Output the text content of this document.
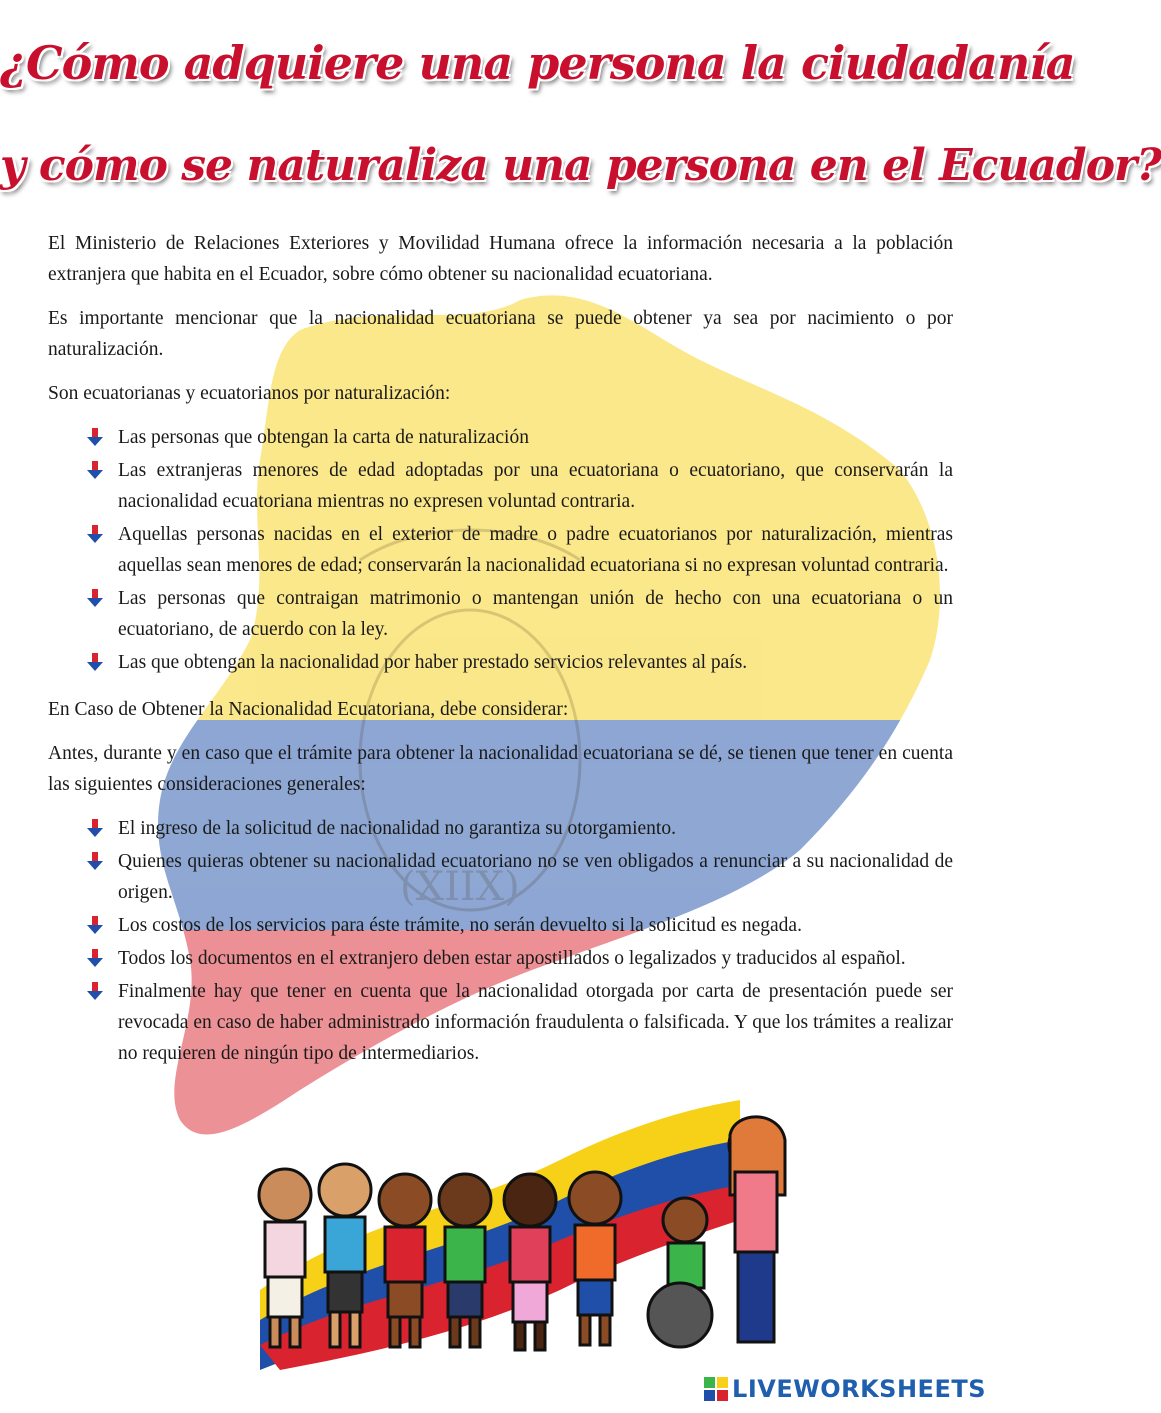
(XIIX)
¿Cómo adquiere una persona la ciudadanía
y cómo se naturaliza una persona en el Ecuador?

El Ministerio de Relaciones Exteriores y Movilidad Humana ofrece la información necesaria a la población extranjera que habita en el Ecuador, sobre cómo obtener su nacionalidad ecuatoriana.

Es importante mencionar que la nacionalidad ecuatoriana se puede obtener ya sea por nacimiento o por naturalización.

Son ecuatorianas y ecuatorianos por naturalización:

Las personas que obtengan la carta de naturalización
Las extranjeras menores de edad adoptadas por una ecuatoriana o ecuatoriano, que conservarán la nacionalidad ecuatoriana mientras no expresen voluntad contraria.
Aquellas personas nacidas en el exterior de madre o padre ecuatorianos por naturalización, mientras aquellas sean menores de edad; conservarán la nacionalidad ecuatoriana si no expresan voluntad contraria.
Las personas que contraigan matrimonio o mantengan unión de hecho con una ecuatoriana o un ecuatoriano, de acuerdo con la ley.
Las que obtengan la nacionalidad por haber prestado servicios relevantes al país.

En Caso de Obtener la Nacionalidad Ecuatoriana, debe considerar:

Antes, durante y en caso que el trámite para obtener la nacionalidad ecuatoriana se dé, se tienen que tener en cuenta las siguientes consideraciones generales:

El ingreso de la solicitud de nacionalidad no garantiza su otorgamiento.
Quienes quieras obtener su nacionalidad ecuatoriano no se ven obligados a renunciar a su nacionalidad de origen.
Los costos de los servicios para éste trámite, no serán devuelto si la solicitud es negada.
Todos los documentos en el extranjero deben estar apostillados o legalizados y traducidos al español.
Finalmente hay que tener en cuenta que la nacionalidad otorgada por carta de presentación puede ser revocada en caso de haber administrado información fraudulenta o falsificada. Y que los trámites a realizar no requieren de ningún tipo de intermediarios.
LIVEWORKSHEETS
